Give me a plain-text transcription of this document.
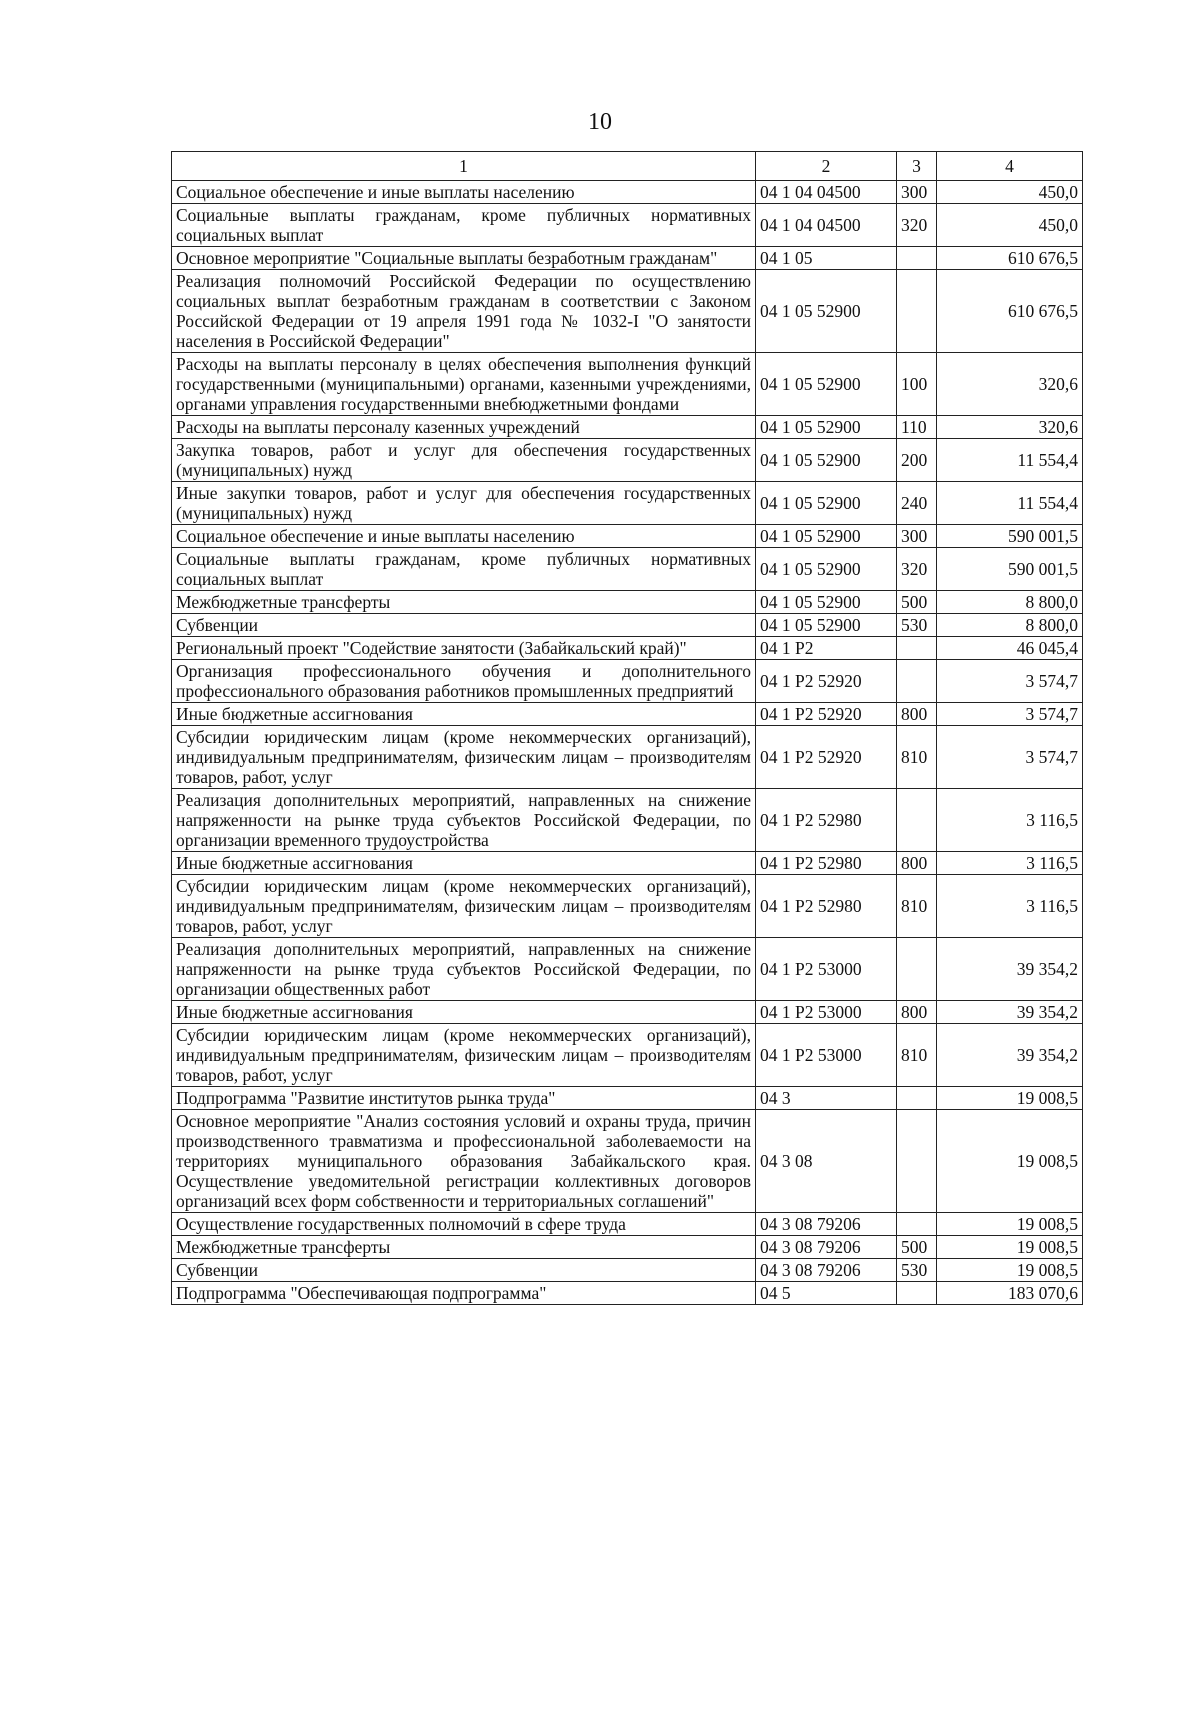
10
1	2	3	4
Социальное обеспечение и иные выплаты населению	04 1 04 04500	300	450,0
Социальные выплаты гражданам, кроме публичных нормативных социальных выплат	04 1 04 04500	320	450,0
Основное мероприятие "Социальные выплаты безработным гражданам"	04 1 05		610 676,5
Реализация полномочий Российской Федерации по осуществлению социальных выплат безработным гражданам в соответствии с Законом Российской Федерации от 19 апреля 1991 года № 1032-I "О занятости населения в Российской Федерации"	04 1 05 52900		610 676,5
Расходы на выплаты персоналу в целях обеспечения выполнения функций государственными (муниципальными) органами, казенными учреждениями, органами управления государственными внебюджетными фондами	04 1 05 52900	100	320,6
Расходы на выплаты персоналу казенных учреждений	04 1 05 52900	110	320,6
Закупка товаров, работ и услуг для обеспечения государственных (муниципальных) нужд	04 1 05 52900	200	11 554,4
Иные закупки товаров, работ и услуг для обеспечения государственных (муниципальных) нужд	04 1 05 52900	240	11 554,4
Социальное обеспечение и иные выплаты населению	04 1 05 52900	300	590 001,5
Социальные выплаты гражданам, кроме публичных нормативных социальных выплат	04 1 05 52900	320	590 001,5
Межбюджетные трансферты	04 1 05 52900	500	8 800,0
Субвенции	04 1 05 52900	530	8 800,0
Региональный проект "Содействие занятости (Забайкальский край)"	04 1 P2		46 045,4
Организация профессионального обучения и дополнительного профессионального образования работников промышленных предприятий	04 1 P2 52920		3 574,7
Иные бюджетные ассигнования	04 1 P2 52920	800	3 574,7
Субсидии юридическим лицам (кроме некоммерческих организаций), индивидуальным предпринимателям, физическим лицам – производителям товаров, работ, услуг	04 1 P2 52920	810	3 574,7
Реализация дополнительных мероприятий, направленных на снижение напряженности на рынке труда субъектов Российской Федерации, по организации временного трудоустройства	04 1 P2 52980		3 116,5
Иные бюджетные ассигнования	04 1 P2 52980	800	3 116,5
Субсидии юридическим лицам (кроме некоммерческих организаций), индивидуальным предпринимателям, физическим лицам – производителям товаров, работ, услуг	04 1 P2 52980	810	3 116,5
Реализация дополнительных мероприятий, направленных на снижение напряженности на рынке труда субъектов Российской Федерации, по организации общественных работ	04 1 P2 53000		39 354,2
Иные бюджетные ассигнования	04 1 P2 53000	800	39 354,2
Субсидии юридическим лицам (кроме некоммерческих организаций), индивидуальным предпринимателям, физическим лицам – производителям товаров, работ, услуг	04 1 P2 53000	810	39 354,2
Подпрограмма "Развитие институтов рынка труда"	04 3		19 008,5
Основное мероприятие "Анализ состояния условий и охраны труда, причин производственного травматизма и профессиональной заболеваемости на территориях муниципального образования Забайкальского края. Осуществление уведомительной регистрации коллективных договоров организаций всех форм собственности и территориальных соглашений"	04 3 08		19 008,5
Осуществление государственных полномочий в сфере труда	04 3 08 79206		19 008,5
Межбюджетные трансферты	04 3 08 79206	500	19 008,5
Субвенции	04 3 08 79206	530	19 008,5
Подпрограмма "Обеспечивающая подпрограмма"	04 5		183 070,6
